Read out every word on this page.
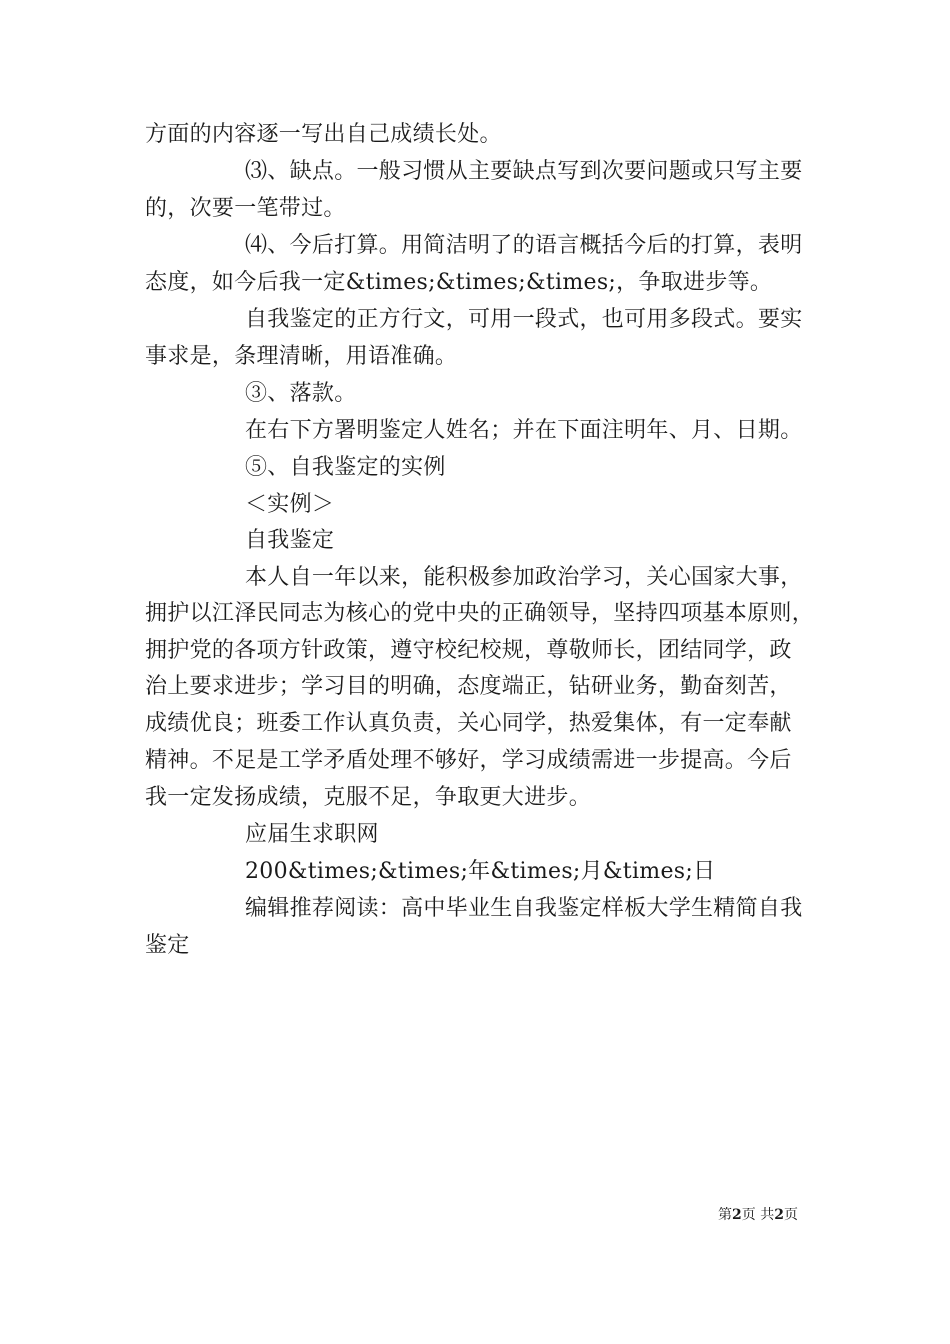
方面的内容逐一写出自己成绩长处。
⑶、缺点。一般习惯从主要缺点写到次要问题或只写主要
的，次要一笔带过。
⑷、今后打算。用简洁明了的语言概括今后的打算，表明
态度，如今后我一定&times;&times;&times;，争取进步等。
自我鉴定的正方行文，可用一段式，也可用多段式。要实
事求是，条理清晰，用语准确。
③、落款。
在右下方署明鉴定人姓名；并在下面注明年、月、日期。
⑤、自我鉴定的实例
＜实例＞
自我鉴定
本人自一年以来，能积极参加政治学习，关心国家大事，
拥护以江泽民同志为核心的党中央的正确领导，坚持四项基本原则，
拥护党的各项方针政策，遵守校纪校规，尊敬师长，团结同学，政
治上要求进步；学习目的明确，态度端正，钻研业务，勤奋刻苦，
成绩优良；班委工作认真负责，关心同学，热爱集体，有一定奉献
精神。不足是工学矛盾处理不够好，学习成绩需进一步提高。今后
我一定发扬成绩，克服不足，争取更大进步。
应届生求职网
200&times;&times;年&times;月&times;日
编辑推荐阅读：高中毕业生自我鉴定样板大学生精简自我
鉴定
第2页 共2页
